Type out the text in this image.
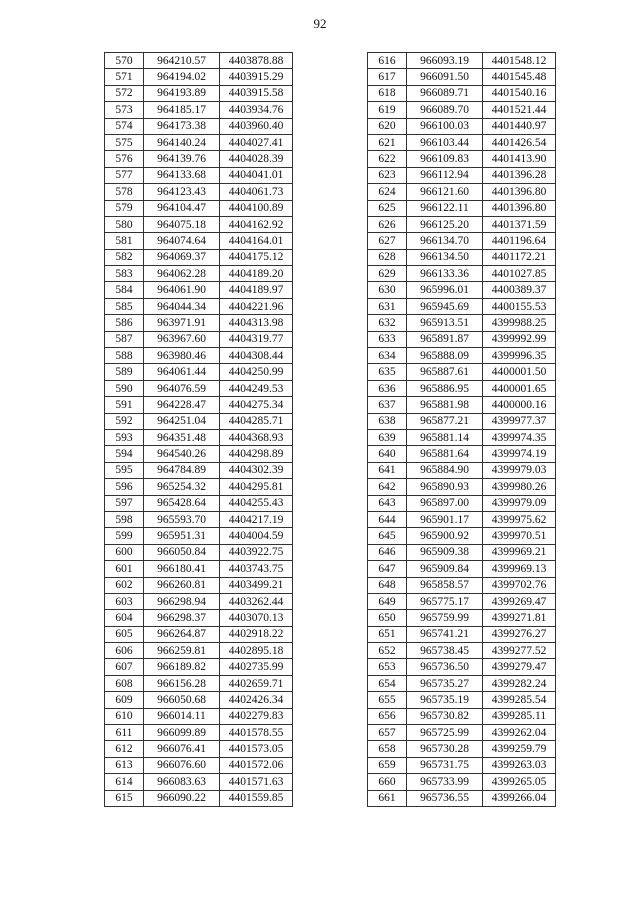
92
570	964210.57	4403878.88
571	964194.02	4403915.29
572	964193.89	4403915.58
573	964185.17	4403934.76
574	964173.38	4403960.40
575	964140.24	4404027.41
576	964139.76	4404028.39
577	964133.68	4404041.01
578	964123.43	4404061.73
579	964104.47	4404100.89
580	964075.18	4404162.92
581	964074.64	4404164.01
582	964069.37	4404175.12
583	964062.28	4404189.20
584	964061.90	4404189.97
585	964044.34	4404221.96
586	963971.91	4404313.98
587	963967.60	4404319.77
588	963980.46	4404308.44
589	964061.44	4404250.99
590	964076.59	4404249.53
591	964228.47	4404275.34
592	964251.04	4404285.71
593	964351.48	4404368.93
594	964540.26	4404298.89
595	964784.89	4404302.39
596	965254.32	4404295.81
597	965428.64	4404255.43
598	965593.70	4404217.19
599	965951.31	4404004.59
600	966050.84	4403922.75
601	966180.41	4403743.75
602	966260.81	4403499.21
603	966298.94	4403262.44
604	966298.37	4403070.13
605	966264.87	4402918.22
606	966259.81	4402895.18
607	966189.82	4402735.99
608	966156.28	4402659.71
609	966050.68	4402426.34
610	966014.11	4402279.83
611	966099.89	4401578.55
612	966076.41	4401573.05
613	966076.60	4401572.06
614	966083.63	4401571.63
615	966090.22	4401559.85
616	966093.19	4401548.12
617	966091.50	4401545.48
618	966089.71	4401540.16
619	966089.70	4401521.44
620	966100.03	4401440.97
621	966103.44	4401426.54
622	966109.83	4401413.90
623	966112.94	4401396.28
624	966121.60	4401396.80
625	966122.11	4401396.80
626	966125.20	4401371.59
627	966134.70	4401196.64
628	966134.50	4401172.21
629	966133.36	4401027.85
630	965996.01	4400389.37
631	965945.69	4400155.53
632	965913.51	4399988.25
633	965891.87	4399992.99
634	965888.09	4399996.35
635	965887.61	4400001.50
636	965886.95	4400001.65
637	965881.98	4400000.16
638	965877.21	4399977.37
639	965881.14	4399974.35
640	965881.64	4399974.19
641	965884.90	4399979.03
642	965890.93	4399980.26
643	965897.00	4399979.09
644	965901.17	4399975.62
645	965900.92	4399970.51
646	965909.38	4399969.21
647	965909.84	4399969.13
648	965858.57	4399702.76
649	965775.17	4399269.47
650	965759.99	4399271.81
651	965741.21	4399276.27
652	965738.45	4399277.52
653	965736.50	4399279.47
654	965735.27	4399282.24
655	965735.19	4399285.54
656	965730.82	4399285.11
657	965725.99	4399262.04
658	965730.28	4399259.79
659	965731.75	4399263.03
660	965733.99	4399265.05
661	965736.55	4399266.04
